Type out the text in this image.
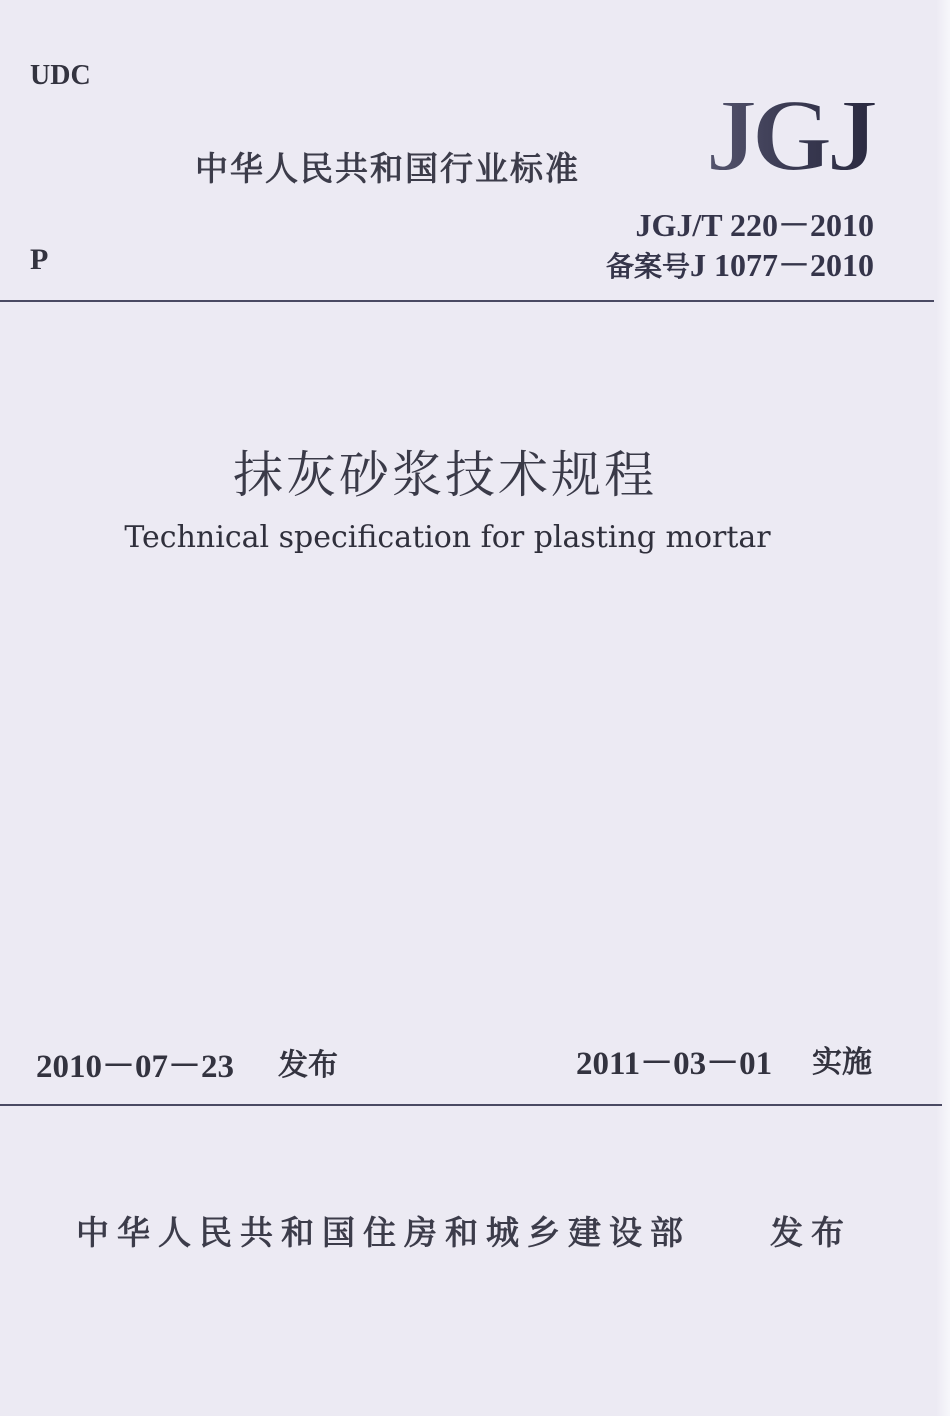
UDC
中华人民共和国行业标准 JGJ
JGJ/T 220－2010
备案号J 1077－2010
P
抹灰砂浆技术规程
Technical specification for plasting mortar
2010－07－23 发布	2011－03－01 实施
中华人民共和国住房和城乡建设部 发布
